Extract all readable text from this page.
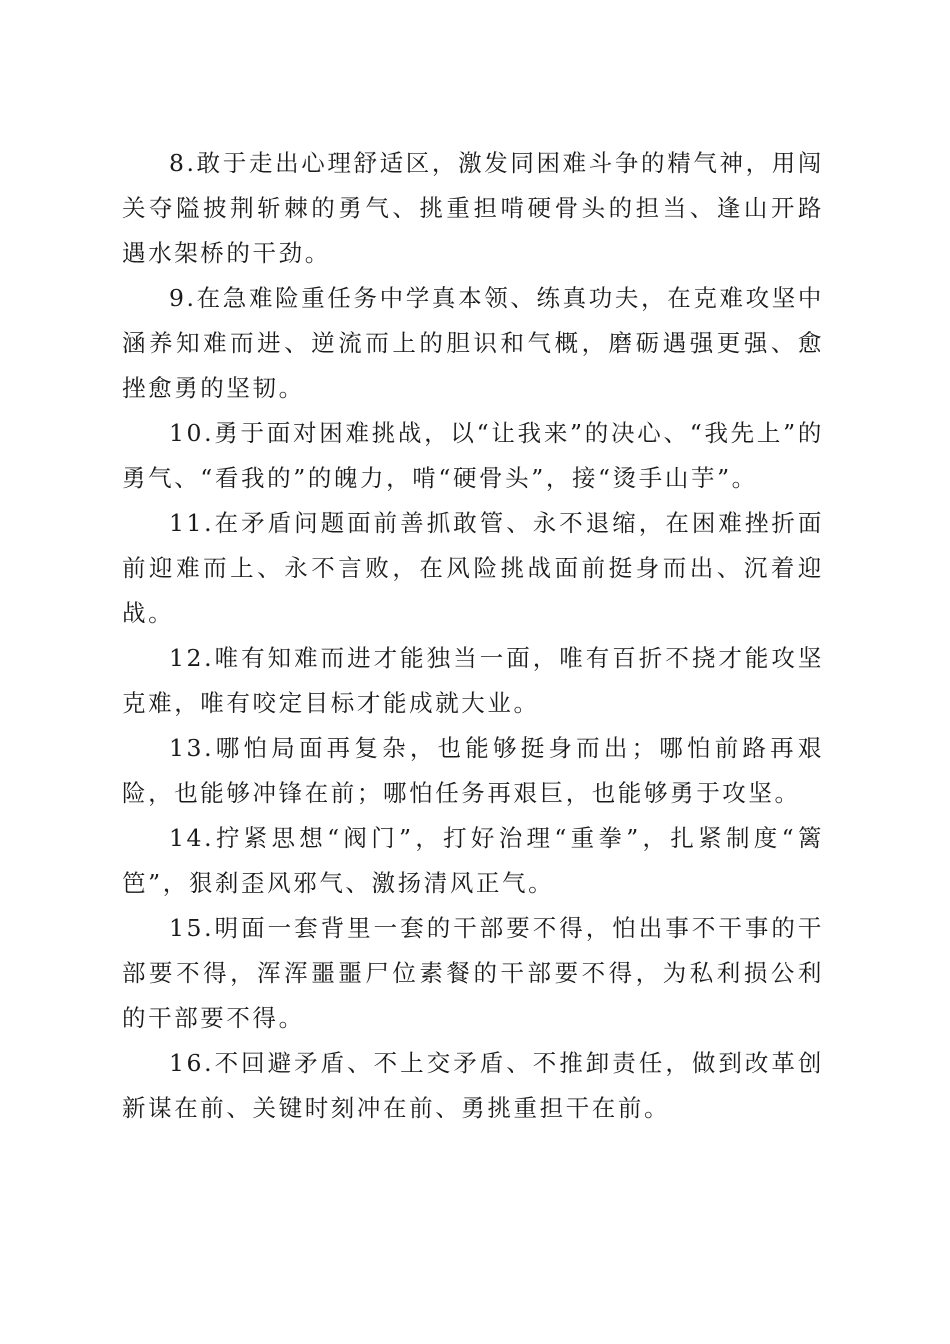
8.敢于走出心理舒适区，激发同困难斗争的精气神，用闯关夺隘披荆斩棘的勇气、挑重担啃硬骨头的担当、逢山开路遇水架桥的干劲。

9.在急难险重任务中学真本领、练真功夫，在克难攻坚中涵养知难而进、逆流而上的胆识和气概，磨砺遇强更强、愈挫愈勇的坚韧。

10.勇于面对困难挑战，以“让我来”的决心、“我先上”的勇气、“看我的”的魄力，啃“硬骨头”，接“烫手山芋”。

11.在矛盾问题面前善抓敢管、永不退缩，在困难挫折面前迎难而上、永不言败，在风险挑战面前挺身而出、沉着迎战。

12.唯有知难而进才能独当一面，唯有百折不挠才能攻坚克难，唯有咬定目标才能成就大业。

13.哪怕局面再复杂，也能够挺身而出；哪怕前路再艰险，也能够冲锋在前；哪怕任务再艰巨，也能够勇于攻坚。

14.拧紧思想“阀门”，打好治理“重拳”，扎紧制度“篱笆”，狠刹歪风邪气、激扬清风正气。

15.明面一套背里一套的干部要不得，怕出事不干事的干部要不得，浑浑噩噩尸位素餐的干部要不得，为私利损公利的干部要不得。

16.不回避矛盾、不上交矛盾、不推卸责任，做到改革创新谋在前、关键时刻冲在前、勇挑重担干在前。
